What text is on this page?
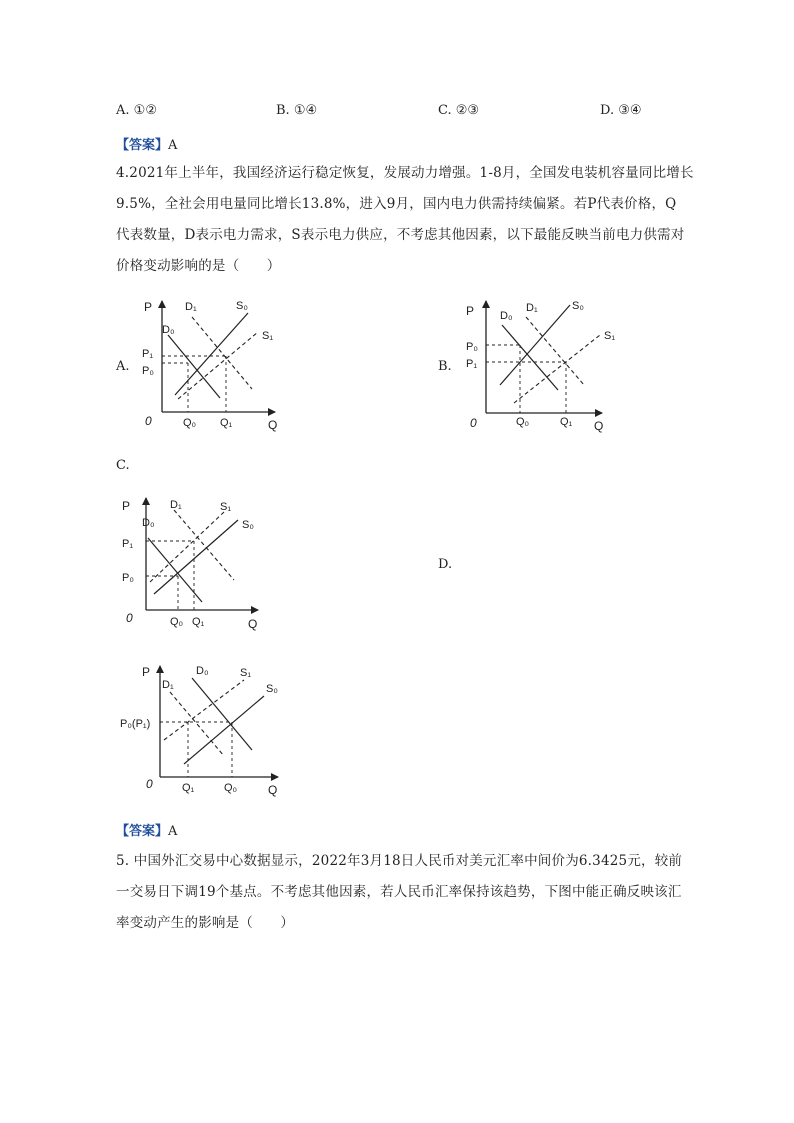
A. ①②	B. ①④	C. ②③	D. ③④
【答案】A
4.2021年上半年，我国经济运行稳定恢复，发展动力增强。1-8月，全国发电装机容量同比增长
9.5%，全社会用电量同比增长13.8%，进入9月，国内电力供需持续偏紧。若P代表价格，Q
代表数量，D表示电力需求，S表示电力供应，不考虑其他因素，以下最能反映当前电力供需对
价格变动影响的是（　　）
A.	B.
C.
D.
P
Q
0
D₀
D₁	S₀
S₁
P₁
P₀
Q₀ Q₁
P
Q
0
D₀
D₁	S₀
S₁
P₀
P₁
Q₀	Q₁
P
Q
0
D₀
D₁
S₀
S₁
P₁
P₀
Q₀ Q₁
P
Q
0
D₀
D₁
S₁
S₀
P₀(P₁)
Q₁	Q₀
【答案】A
5. 中国外汇交易中心数据显示，2022年3月18日人民币对美元汇率中间价为6.3425元，较前
一交易日下调19个基点。不考虑其他因素，若人民币汇率保持该趋势，下图中能正确反映该汇
率变动产生的影响是（　　）
